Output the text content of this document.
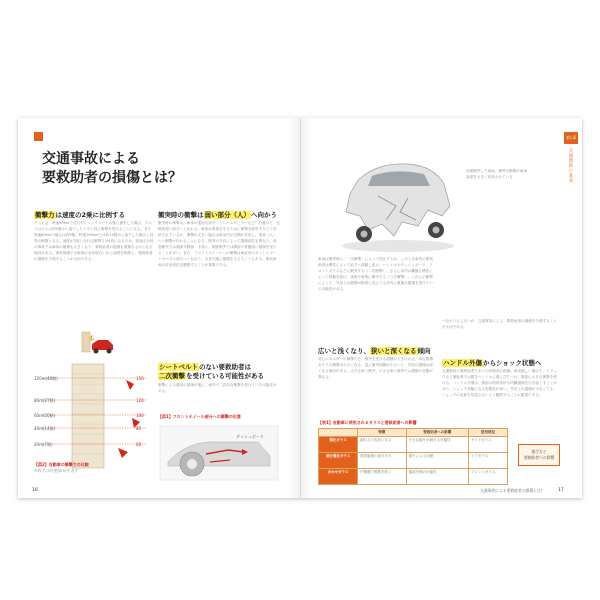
交通事故による
要救助者の損傷とは？
衝撃力は速度の2乗に比例する
たとえば、時速60kmで走行中にコンクリートの壁に衝突した場合、クルマはビルの約5階から落下したときと同じ衝撃を受けることになる。また時速80kmの場合は約9階、時速100kmでは約14階から落下した場合と同等の衝撃となる。速度が2倍になれば衝撃力は4倍になるため、高速走行時の事故では車両の損傷も大きくなり、要救助者の損傷も重篤なものとなる傾向がある。事故現場では車両の変形度合いから速度を推測し、要救助者の損傷を予測することが大切である。
120m(40階)
80m(27階)
60m(20階)
40m(14階)
20m(7階)
150
120
100
80
60
【図2】自動車の衝撃力の比較
※数字は時速(km)を表す
衝突時の衝撃は弱い部分（人）へ向かう
衝突時の衝撃は、車体の強固な部分（フレームやピラーなど）を避けて、比較的弱い部分へと伝わる。車体は乗員を守るために衝撃を吸収するよう設計されているが、衝撃が大きい場合は車室内の空間が変形し、乗員（人）へと衝撃が伝わることになる。衝突の方向によって損傷部位も異なり、前面衝突では頭部や胸部、下肢に、側面衝突では胸部や骨盤部に損傷を受けることが多い。また、フロントホイールへの衝撃は車室内のダッシュボードやペダル部分へと伝わり、足首や膝に損傷を生じることもある。事故車両の変形部位を観察することが重要である。
シートベルトのない要救助者は
二次衝撃を受けている可能性がある
衝撃による最初の損傷の後に、車内で二次的な衝撃を受けている可能性がある。
【図1】フロントホイール部分への衝撃の伝達
ダッシュボード
16
前面衝突した車両。衝突の衝撃が車両前部を大きく変形させている
車両は衝突時に「一次衝撃」によって停止するが、このとき車内の要救助者は慣性によって前方へ移動し続け、ハンドルやダッシュボード、フロントガラスなどに衝突する（二次衝撃）。さらに体内の臓器も慣性によって移動を続け、体壁や骨格に衝突する（三次衝撃）。これらの衝撃によって、外見上は損傷が軽度に見えても体内に重篤な損傷を受けている可能性がある。
広いと浅くなり、狭いと深くなる傾向
同じエネルギーの衝撃でも、衝突を受ける面積が大きければ、単位面積あたりの衝撃は小さくなる。逆に衝突面積が小さいと、内部の損傷は深くなる傾向がある。大きな車と衝突、小さな車と衝突では損傷の状態が異なる。
つながりもしないが、交通事故による、要救助者の損傷を予測することが大切である。
ハンドル外傷からショック状態へ
交通事故の要救助者で多いのが胸部の損傷。車両後しい場合や、トラックなど運転席では腹をハンドルに強く打ちつけ、胸部に大きな衝撃を受ける。ハンドル外傷は、胸部の肋骨骨折や内臓損傷を引き起こすことがあり、ショック状態になる危険性が高い。外見上の損傷が少なくても、ショックの兆候を見逃さないよう観察することが重要である。
運び方と
要救助者への影響
【表1】自動車に使用されるガラスと要救助者への影響
	特徴	要救助者への影響	使用部位
強化ガラス	割れると粒状になる	小さな破片が刺さる可能性	サイドガラス
部分強化ガラス	視界確保の部分あり	破片による切創	リアガラス
合わせガラス	中間膜で飛散を防ぐ	頭部外傷の可能性	フロントガラス
第1章
交通救助の基本
交通事故による要救助者の損傷とは？	17
